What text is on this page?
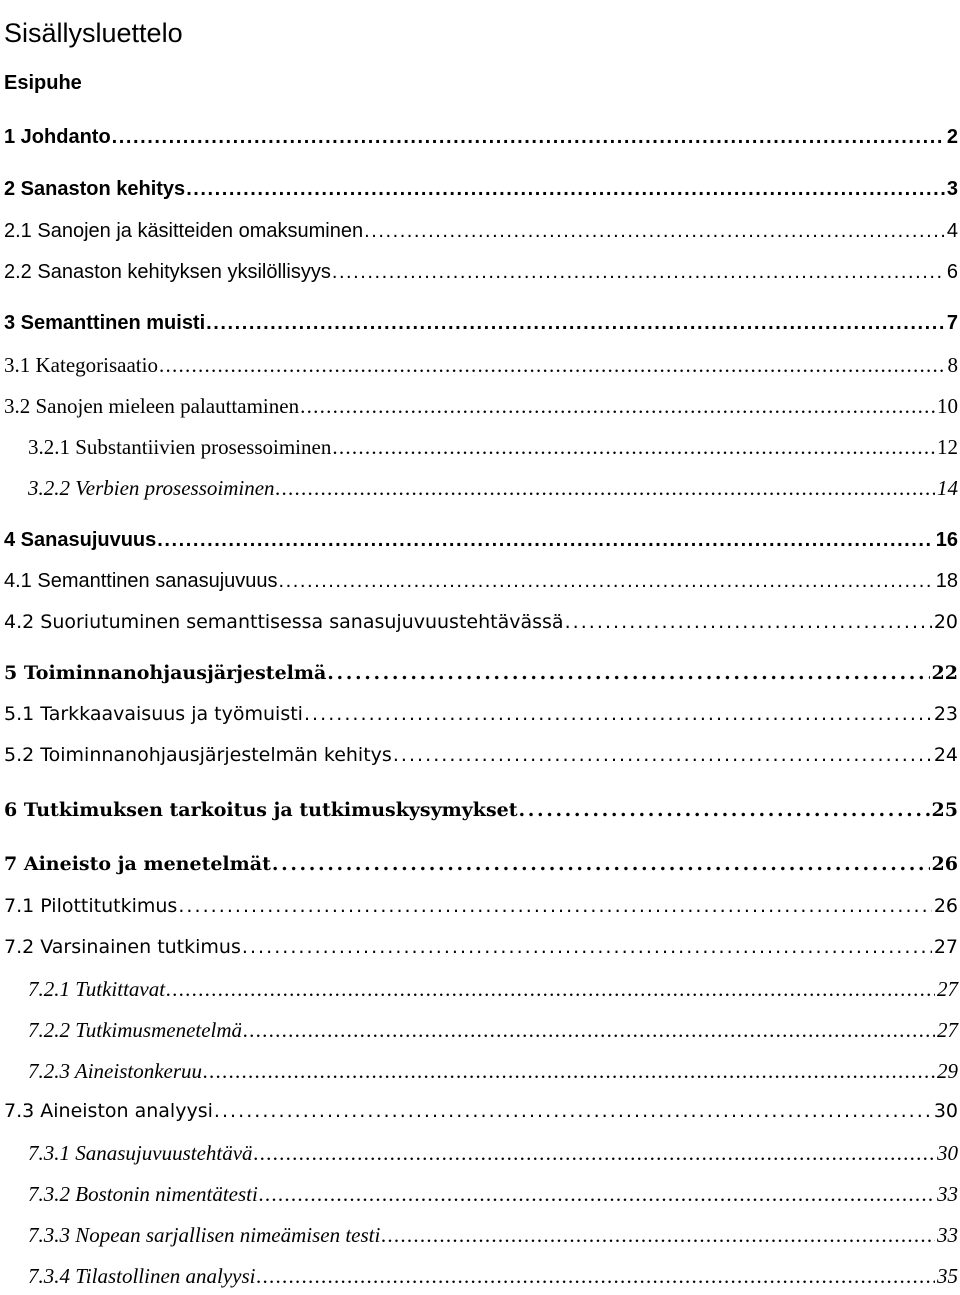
Sisällysluettelo
Esipuhe
1 Johdanto . . .	2
2 Sanaston kehitys . . .	3
2.1 Sanojen ja käsitteiden omaksuminen . . .	4
2.2 Sanaston kehityksen yksilöllisyys . . .	6
3 Semanttinen muisti . . .	7
3.1 Kategorisaatio . . .	8
3.2 Sanojen mieleen palauttaminen . . .	10
3.2.1 Substantiivien prosessoiminen . . .	12
3.2.2 Verbien prosessoiminen . . .	14
4 Sanasujuvuus . . .	16
4.1 Semanttinen sanasujuvuus . . .	18
4.2 Suoriutuminen semanttisessa sanasujuvuustehtävässä . . .	20
5 Toiminnanohjausjärjestelmä . . .	22
5.1 Tarkkaavaisuus ja työmuisti . . .	23
5.2 Toiminnanohjausjärjestelmän kehitys . . .	24
6 Tutkimuksen tarkoitus ja tutkimuskysymykset . . .	25
7 Aineisto ja menetelmät . . .	26
7.1 Pilottitutkimus . . .	26
7.2 Varsinainen tutkimus . . .	27
7.2.1 Tutkittavat . . .	27
7.2.2 Tutkimusmenetelmä . . .	27
7.2.3 Aineistonkeruu . . .	29
7.3 Aineiston analyysi . . .	30
7.3.1 Sanasujuvuustehtävä . . .	30
7.3.2 Bostonin nimentätesti . . .	33
7.3.3 Nopean sarjallisen nimeämisen testi . . .	33
7.3.4 Tilastollinen analyysi . . .	35
